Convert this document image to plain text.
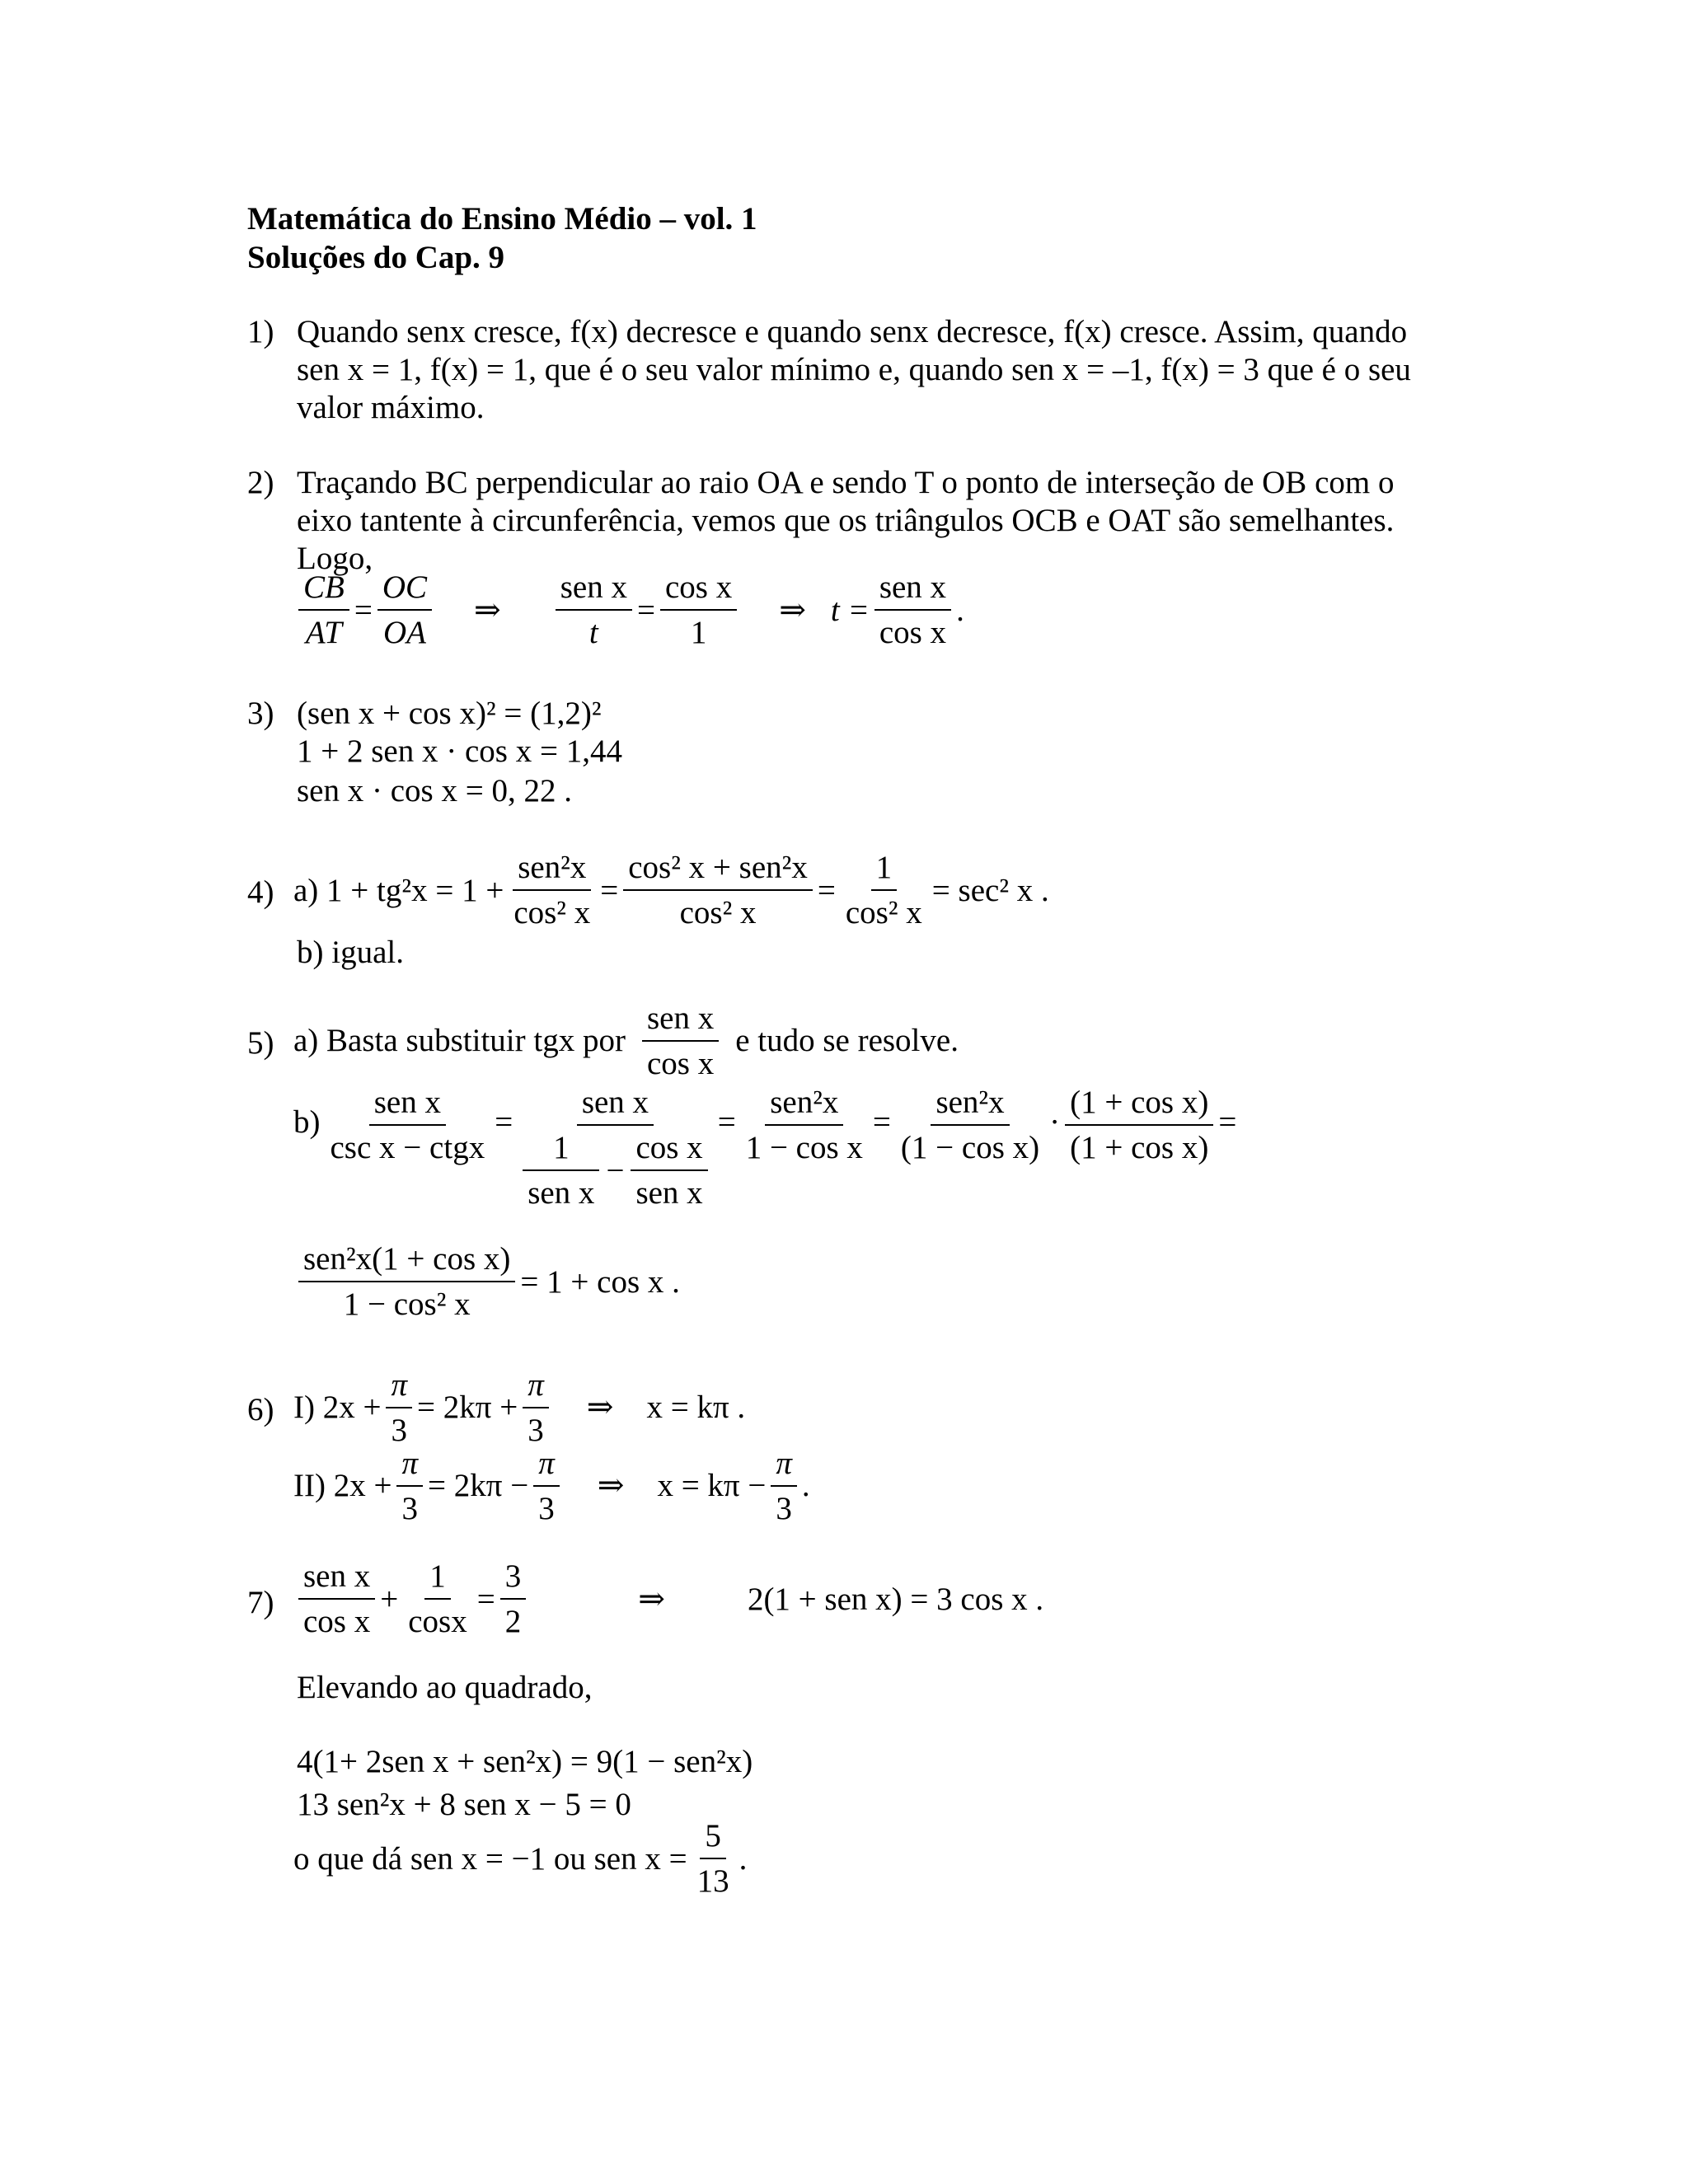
Matemática do Ensino Médio – vol. 1
Soluções do Cap. 9
1) Quando senx cresce, f(x) decresce e quando senx decresce, f(x) cresce. Assim, quando
sen x = 1, f(x) = 1, que é o seu valor mínimo e, quando sen x = –1, f(x) = 3 que é o seu
valor máximo.
2) Traçando BC perpendicular ao raio OA e sendo T o ponto de interseção de OB com o
eixo tantente à circunferência, vemos que os triângulos OCB e OAT são semelhantes.
Logo,
$\frac{CB}{AT} = \frac{OC}{OA}$ ⇒ $\frac{\text{sen x}}{t} = \frac{\text{cos x}}{1}$ ⇒ $t = \frac{\text{sen x}}{\text{cos x}}$ .
3) (sen x + cos x)² = (1,2)²
1 + 2 sen x · cos x = 1,44
sen x · cos x = 0, 22 .
4) a) $1 + tg^2x = 1 + \frac{\text{sen²x}}{\text{cos² x}} = \frac{\text{cos² x + sen²x}}{\text{cos² x}} = \frac{1}{\text{cos² x}} = \sec^2$ x .
b) igual.
5) a) Basta substituir tgx por $\frac{\text{sen x}}{\text{cos x}}$ e tudo se resolve.
$b) \frac{\text{sen x}}{\text{csc x − ctgx}} = \frac{\text{sen x}}{\frac{1}{\text{sen x}} - \frac{\text{cos x}}{\text{sen x}}} = \frac{\text{sen²x}}{\text{1 − cos x}} = \frac{\text{sen²x}}{\text{(1 − cos x)}} \cdot \frac{\text{(1 + cos x)}}{\text{(1 + cos x)}}$ =
$\frac{\text{sen²x(1 + cos x)}}{\text{1 − cos² x}} = 1 + \cos x$ .
6) I) $2x + \frac{\pi}{3} = 2k\pi + \frac{\pi}{3}$ ⇒ x = kπ .
II) $2x + \frac{\pi}{3} = 2k\pi - \frac{\pi}{3}$ ⇒ $x = k\pi - \frac{\pi}{3}$ .
$7) \frac{\text{sen x}}{\text{cos x}} + \frac{1}{\cos x} = \frac{3}{2}$	⇒	2(1 + sen x) = 3 cos x .
Elevando ao quadrado,
4(1+ 2sen x + sen²x) = 9(1 − sen²x)
13 sen²x + 8 sen x − 5 = 0
o que dá sen x = −1 ou sen $x = \frac{5}{13}$ .
